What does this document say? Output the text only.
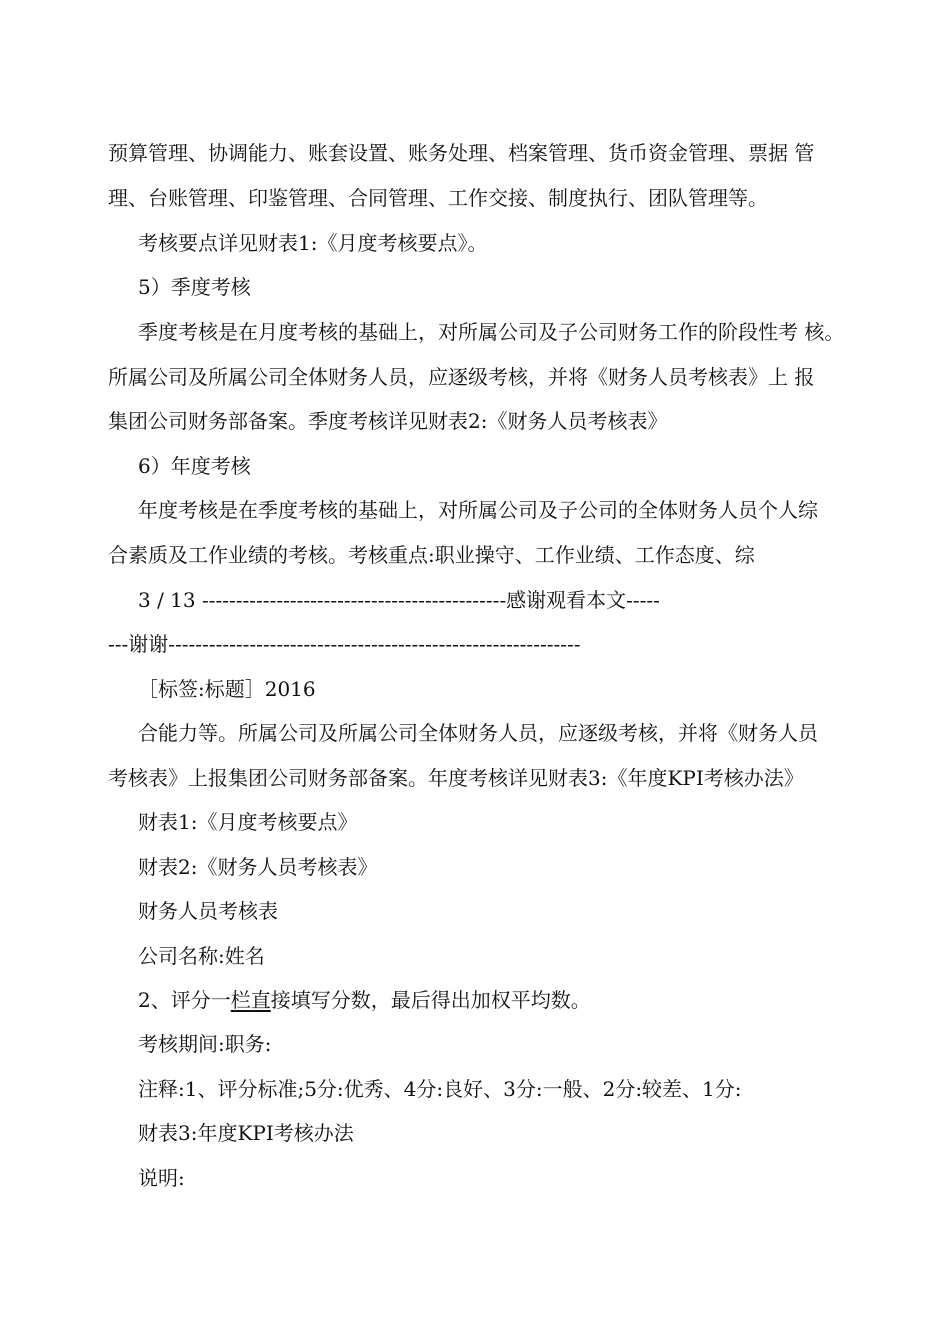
预算管理、协调能力、账套设置、账务处理、档案管理、货币资金管理、票据 管
理、台账管理、印鉴管理、合同管理、工作交接、制度执行、团队管理等。
考核要点详见财表1:《月度考核要点》。
5）季度考核
季度考核是在月度考核的基础上，对所属公司及子公司财务工作的阶段性考 核。
所属公司及所属公司全体财务人员，应逐级考核，并将《财务人员考核表》上 报
集团公司财务部备案。季度考核详见财表2:《财务人员考核表》
6）年度考核
年度考核是在季度考核的基础上，对所属公司及子公司的全体财务人员个人综
合素质及工作业绩的考核。考核重点:职业操守、工作业绩、工作态度、综
3 / 13 ---------------------------------------------感谢观看本文-----
---谢谢-------------------------------------------------------------
［标签:标题］2016
合能力等。所属公司及所属公司全体财务人员，应逐级考核，并将《财务人员
考核表》上报集团公司财务部备案。年度考核详见财表3:《年度KPI考核办法》
财表1:《月度考核要点》
财表2:《财务人员考核表》
财务人员考核表
公司名称:姓名
2、评分一栏直接填写分数，最后得出加权平均数。
考核期间:职务:
注释:1、评分标准;5分:优秀、4分:良好、3分:一般、2分:较差、1分:
财表3:年度KPI考核办法
说明:
